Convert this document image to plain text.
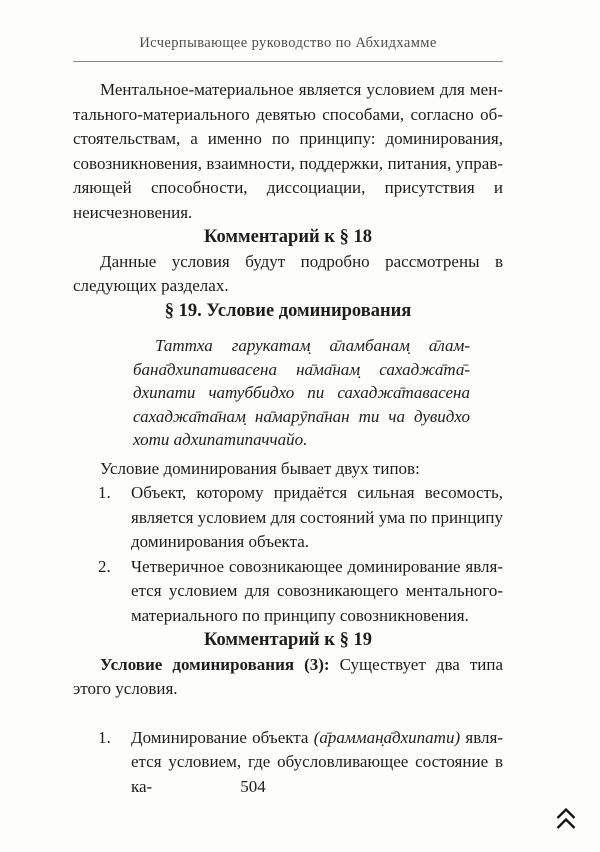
Исчерпывающее руководство по Абхидхамме

Ментальное-материальное является условием для ментального-материального девятью способами, согласно обстоятельствам, а именно по принципу: доминирования, совозникновения, взаимности, поддержки, питания, управляющей способности, диссоциации, присутствия и неисчезновения.

Комментарий к § 18

Данные условия будут подробно рассмотрены в следующих разделах.

§ 19. Условие доминирования

Таттха гарукатам̣ а̄ламбанам̣ а̄ламбана̄дхипативасена на̄ма̄нам̣ сахаджа̄та̄дхипати чатуббидхо пи сахаджа̄тавасена сахаджа̄та̄нам̣ на̄марӯпа̄нан ти ча дувидхо хоти адхипатипаччайо.

Условие доминирования бывает двух типов:

1. Объект, которому придаётся сильная весомость, является условием для состояний ума по принципу доминирования объекта.
2. Четверичное совозникающее доминирование является условием для совозникающего ментального-материального по принципу совозникновения.
Комментарий к § 19

Условие доминирования (3): Существует два типа этого условия.

1. Доминирование объекта (а̄рамман̣а̄дхипати) является условием, где обусловливающее состояние в ка-	504
